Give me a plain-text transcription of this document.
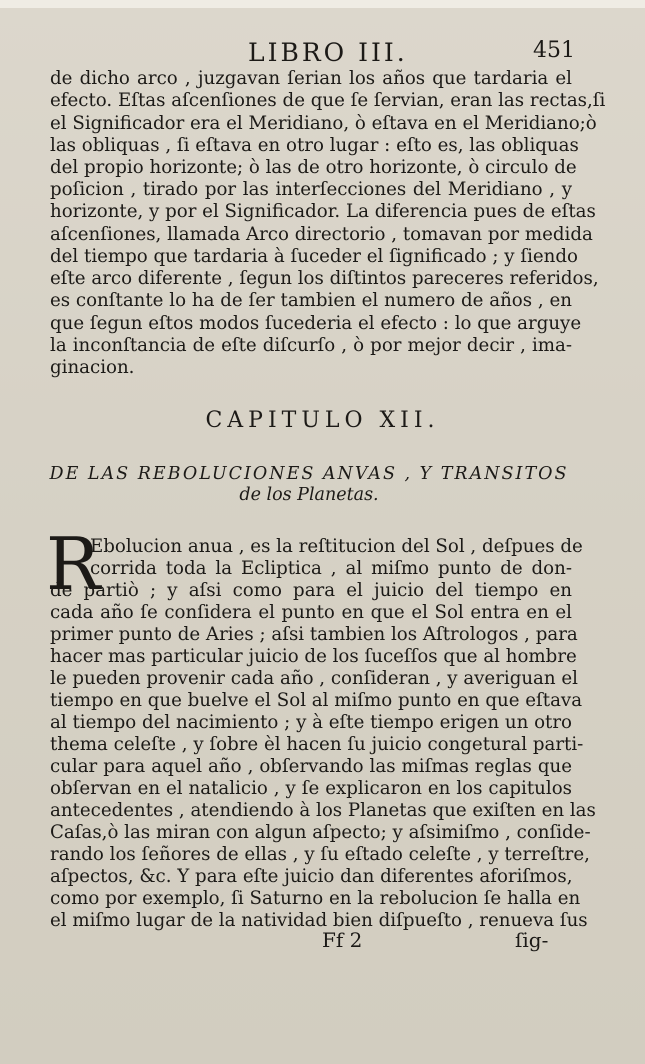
LIBRO III.	451
de dicho arco , juzgavan ſerian los años que tardaria el
efecto. Eſtas aſcenſiones de que ſe ſervian, eran las rectas,ſi
el Significador era el Meridiano, ò eſtava en el Meridiano;ò
las obliquas , ſi eſtava en otro lugar : eſto es, las obliquas
del propio horizonte; ò las de otro horizonte, ò circulo de
poſicion , tirado por las interſecciones del Meridiano , y
horizonte, y por el Significador. La diferencia pues de eſtas
aſcenſiones, llamada Arco directorio , tomavan por medida
del tiempo que tardaria à ſuceder el ſignificado ; y ſiendo
eſte arco diferente , ſegun los diſtintos pareceres referidos,
es conſtante lo ha de ſer tambien el numero de años , en
que ſegun eſtos modos ſucederia el efecto : lo que arguye
la inconſtancia de eſte diſcurſo , ò por mejor decir , ima-
ginacion.
CAPITULO XII.
DE LAS REBOLUCIONES ANVAS , Y TRANSITOS
de los Planetas.
R
Ebolucion anua , es la reſtitucion del Sol , deſpues de
corrida toda la Ecliptica , al miſmo punto de don-
de partiò ; y aſsi como para el juicio del tiempo en
cada año ſe conſidera el punto en que el Sol entra en el
primer punto de Aries ; aſsi tambien los Aſtrologos , para
hacer mas particular juicio de los ſuceſſos que al hombre
le pueden provenir cada año , conſideran , y averiguan el
tiempo en que buelve el Sol al miſmo punto en que eſtava
al tiempo del nacimiento ; y à eſte tiempo erigen un otro
thema celeſte , y ſobre èl hacen ſu juicio congetural parti-
cular para aquel año , obſervando las miſmas reglas que
obſervan en el natalicio , y ſe explicaron en los capitulos
antecedentes , atendiendo à los Planetas que exiſten en las
Caſas,ò las miran con algun aſpecto; y aſsimiſmo , conſide-
rando los ſeñores de ellas , y ſu eſtado celeſte , y terreſtre,
aſpectos, &c. Y para eſte juicio dan diferentes aforiſmos,
como por exemplo, ſi Saturno en la rebolucion ſe halla en
el miſmo lugar de la natividad bien diſpueſto , renueva ſus
Ff 2	ſig-
